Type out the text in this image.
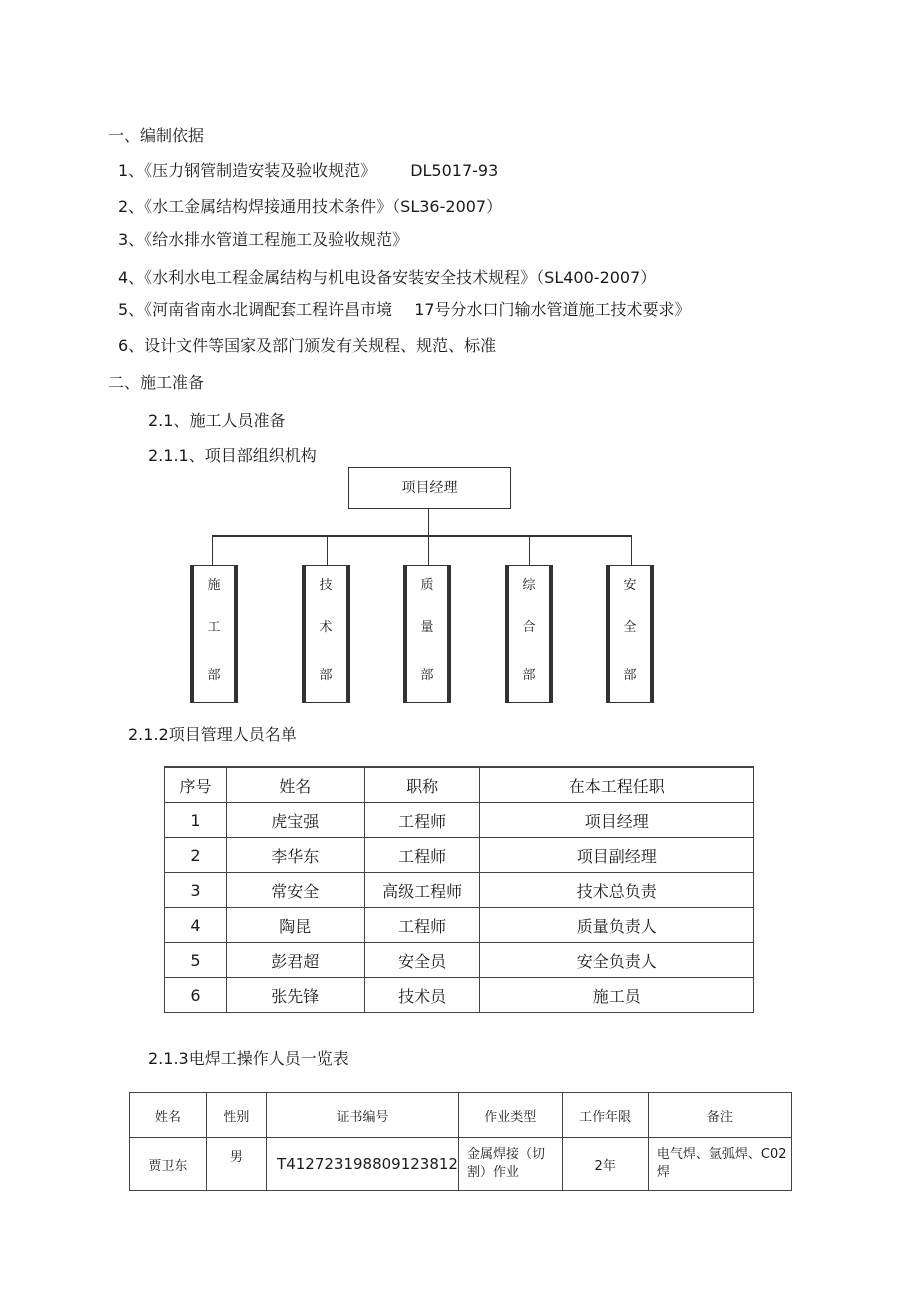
一、编制依据
1、《压力钢管制造安装及验收规范》 DL5017-93
2、《水工金属结构焊接通用技术条件》（SL36-2007）
3、《给水排水管道工程施工及验收规范》
4、《水利水电工程金属结构与机电设备安装安全技术规程》（SL400-2007）
5、《河南省南水北调配套工程许昌市境 17号分水口门输水管道施工技术要求》
6、设计文件等国家及部门颁发有关规程、规范、标准
二、施工准备
2.1、施工人员准备
2.1.1、项目部组织机构
项目经理
施
工
部
技
术
部
质
量
部
综
合
部
安
全
部
2.1.2项目管理人员名单
序号	姓名	职称	在本工程任职
1	虎宝强	工程师	项目经理
2	李华东	工程师	项目副经理
3	常安全	高级工程师	技术总负责
4	陶昆	工程师	质量负责人
5	彭君超	安全员	安全负责人
6	张先锋	技术员	施工员
2.1.3电焊工操作人员一览表
姓名	性别	证书编号	作业类型	工作年限	备注
贾卫东	男	T412723198809123812	金属焊接（切割）作业	2年	电气焊、氩弧焊、C02焊
